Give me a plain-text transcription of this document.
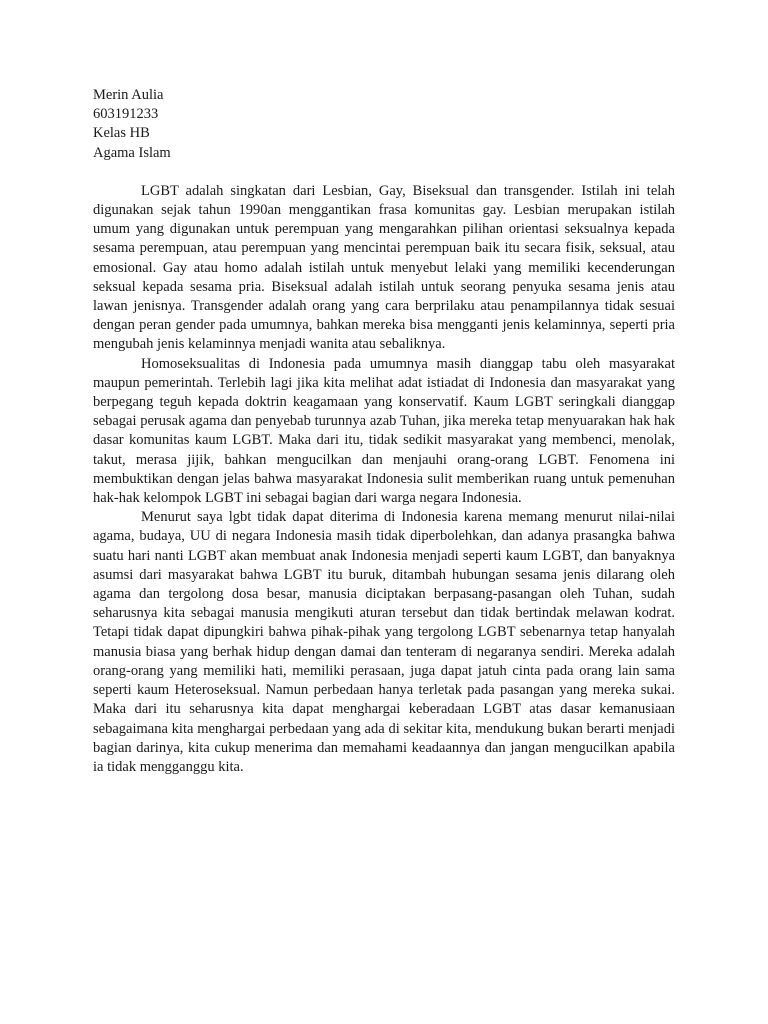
Merin Aulia

603191233

Kelas HB

Agama Islam

LGBT adalah singkatan dari Lesbian, Gay, Biseksual dan transgender. Istilah ini telah digunakan sejak tahun 1990an menggantikan frasa komunitas gay. Lesbian merupakan istilah umum yang digunakan untuk perempuan yang mengarahkan pilihan orientasi seksualnya kepada sesama perempuan, atau perempuan yang mencintai perempuan baik itu secara fisik, seksual, atau emosional. Gay atau homo adalah istilah untuk menyebut lelaki yang memiliki kecenderungan seksual kepada sesama pria. Biseksual adalah istilah untuk seorang penyuka sesama jenis atau lawan jenisnya. Transgender adalah orang yang cara berprilaku atau penampilannya tidak sesuai dengan peran gender pada umumnya, bahkan mereka bisa mengganti jenis kelaminnya, seperti pria mengubah jenis kelaminnya menjadi wanita atau sebaliknya.

Homoseksualitas di Indonesia pada umumnya masih dianggap tabu oleh masyarakat maupun pemerintah. Terlebih lagi jika kita melihat adat istiadat di Indonesia dan masyarakat yang berpegang teguh kepada doktrin keagamaan yang konservatif. Kaum LGBT seringkali dianggap sebagai perusak agama dan penyebab turunnya azab Tuhan, jika mereka tetap menyuarakan hak hak dasar komunitas kaum LGBT. Maka dari itu, tidak sedikit masyarakat yang membenci, menolak, takut, merasa jijik, bahkan mengucilkan dan menjauhi orang-orang LGBT. Fenomena ini membuktikan dengan jelas bahwa masyarakat Indonesia sulit memberikan ruang untuk pemenuhan hak-hak kelompok LGBT ini sebagai bagian dari warga negara Indonesia.

Menurut saya lgbt tidak dapat diterima di Indonesia karena memang menurut nilai-nilai agama, budaya, UU di negara Indonesia masih tidak diperbolehkan, dan adanya prasangka bahwa suatu hari nanti LGBT akan membuat anak Indonesia menjadi seperti kaum LGBT, dan banyaknya asumsi dari masyarakat bahwa LGBT itu buruk, ditambah hubungan sesama jenis dilarang oleh agama dan tergolong dosa besar, manusia diciptakan berpasang-pasangan oleh Tuhan, sudah seharusnya kita sebagai manusia mengikuti aturan tersebut dan tidak bertindak melawan kodrat. Tetapi tidak dapat dipungkiri bahwa pihak-pihak yang tergolong LGBT sebenarnya tetap hanyalah manusia biasa yang berhak hidup dengan damai dan tenteram di negaranya sendiri. Mereka adalah orang-orang yang memiliki hati, memiliki perasaan, juga dapat jatuh cinta pada orang lain sama seperti kaum Heteroseksual. Namun perbedaan hanya terletak pada pasangan yang mereka sukai. Maka dari itu seharusnya kita dapat menghargai keberadaan LGBT atas dasar kemanusiaan sebagaimana kita menghargai perbedaan yang ada di sekitar kita, mendukung bukan berarti menjadi bagian darinya, kita cukup menerima dan memahami keadaannya dan jangan mengucilkan apabila ia tidak mengganggu kita.
